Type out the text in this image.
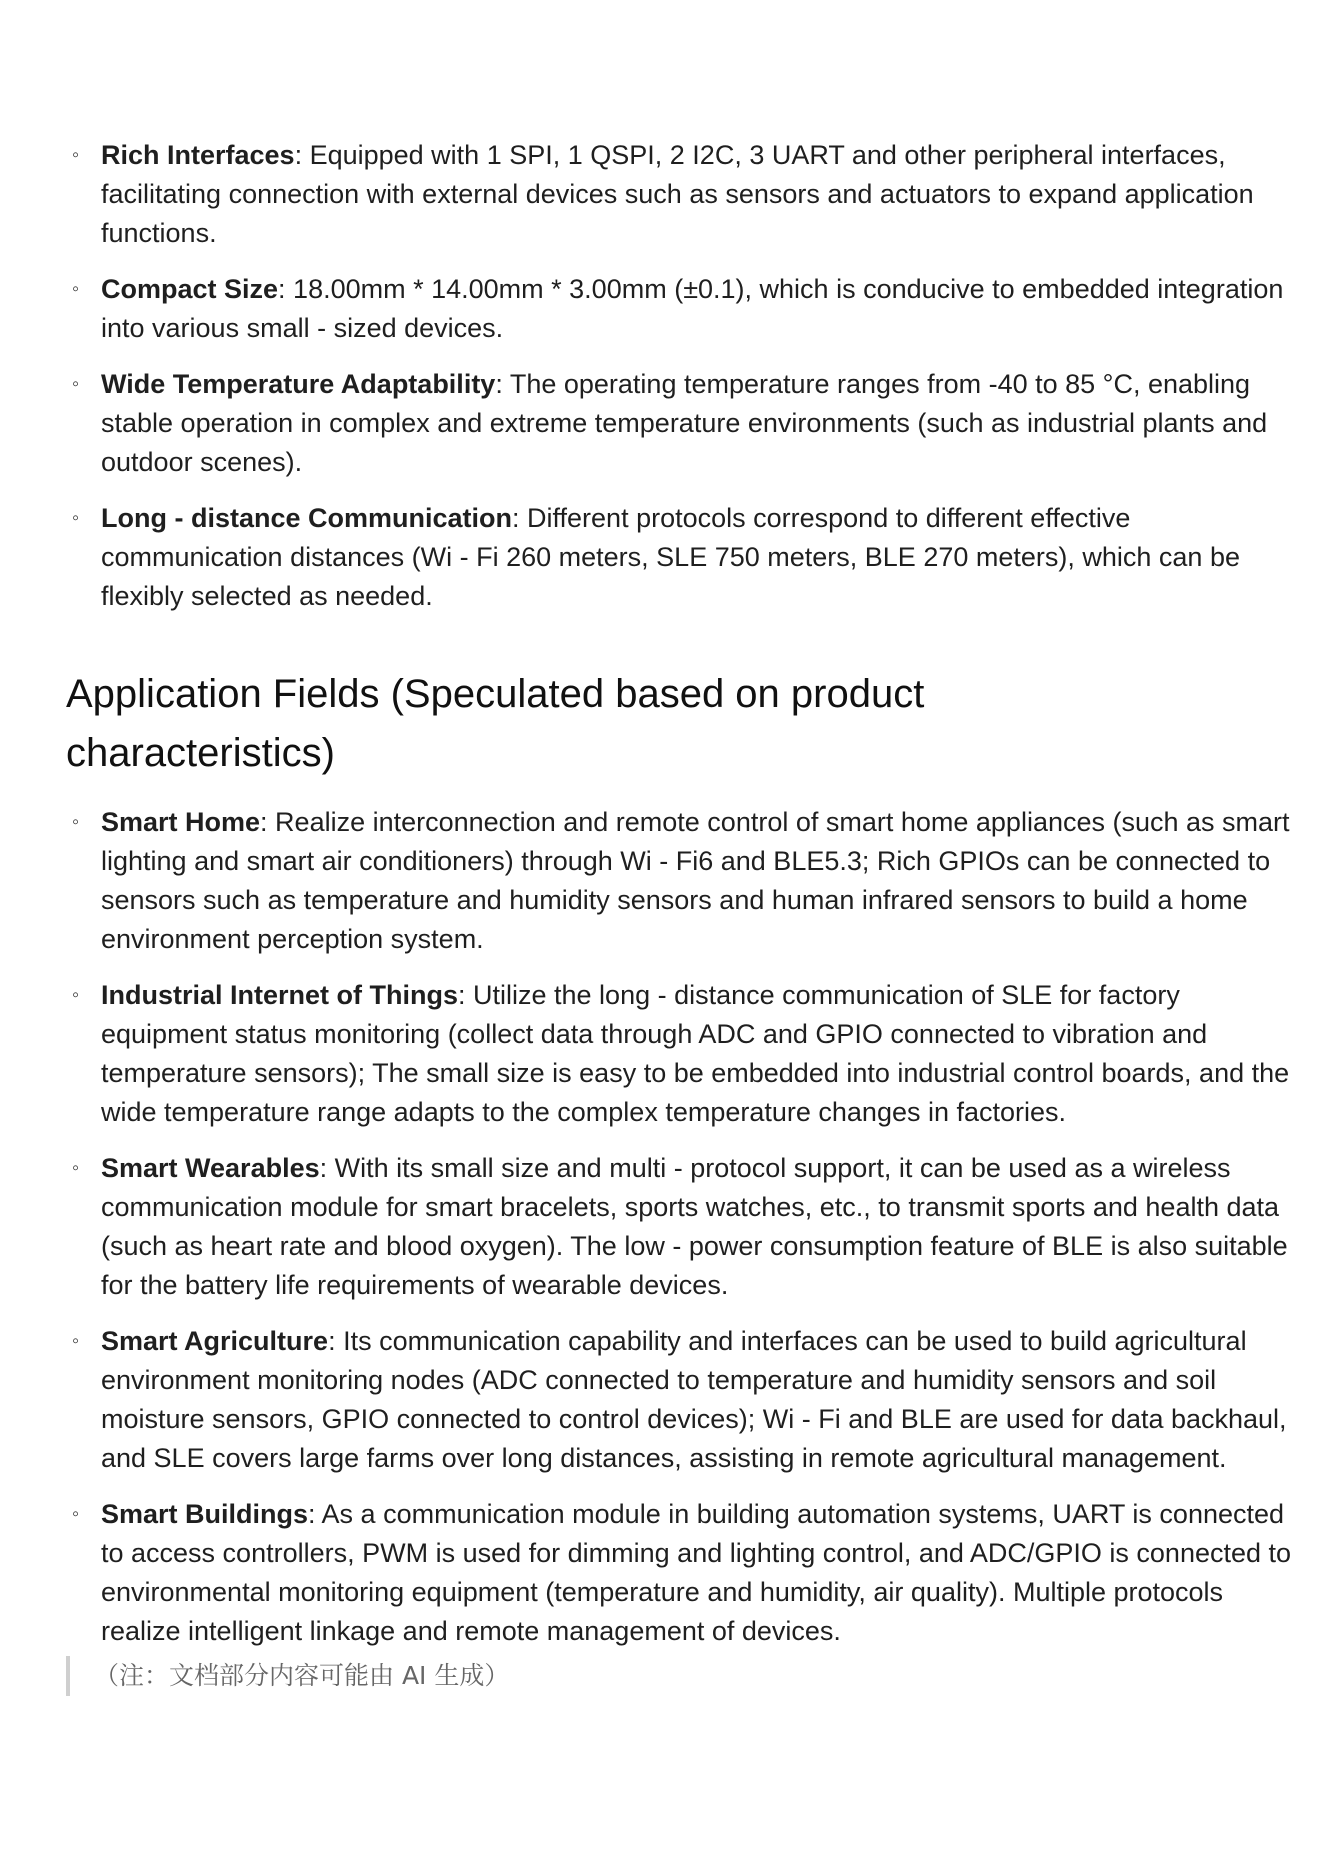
◦ Rich Interfaces: Equipped with 1 SPI, 1 QSPI, 2 I2C, 3 UART and other peripheral interfaces, facilitating connection with external devices such as sensors and actuators to expand application functions.
◦ Compact Size: 18.00mm * 14.00mm * 3.00mm (±0.1), which is conducive to embedded integration into various small - sized devices.
◦ Wide Temperature Adaptability: The operating temperature ranges from -40 to 85 °C, enabling stable operation in complex and extreme temperature environments (such as industrial plants and outdoor scenes).
◦ Long - distance Communication: Different protocols correspond to different effective communication distances (Wi - Fi 260 meters, SLE 750 meters, BLE 270 meters), which can be flexibly selected as needed.
Application Fields (Speculated based on product characteristics)
◦ Smart Home: Realize interconnection and remote control of smart home appliances (such as smart lighting and smart air conditioners) through Wi - Fi6 and BLE5.3; Rich GPIOs can be connected to sensors such as temperature and humidity sensors and human infrared sensors to build a home environment perception system.
◦ Industrial Internet of Things: Utilize the long - distance communication of SLE for factory equipment status monitoring (collect data through ADC and GPIO connected to vibration and temperature sensors); The small size is easy to be embedded into industrial control boards, and the wide temperature range adapts to the complex temperature changes in factories.
◦ Smart Wearables: With its small size and multi - protocol support, it can be used as a wireless communication module for smart bracelets, sports watches, etc., to transmit sports and health data (such as heart rate and blood oxygen). The low - power consumption feature of BLE is also suitable for the battery life requirements of wearable devices.
◦ Smart Agriculture: Its communication capability and interfaces can be used to build agricultural environment monitoring nodes (ADC connected to temperature and humidity sensors and soil moisture sensors, GPIO connected to control devices); Wi - Fi and BLE are used for data backhaul, and SLE covers large farms over long distances, assisting in remote agricultural management.
◦ Smart Buildings: As a communication module in building automation systems, UART is connected to access controllers, PWM is used for dimming and lighting control, and ADC/GPIO is connected to environmental monitoring equipment (temperature and humidity, air quality). Multiple protocols realize intelligent linkage and remote management of devices.
（注：文档部分内容可能由 AI 生成）
